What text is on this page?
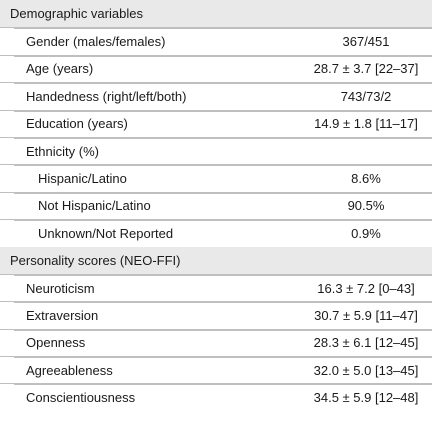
Demographic variables
Gender (males/females)	367/451
Age (years)	28.7 ± 3.7 [22–37]
Handedness (right/left/both)	743/73/2
Education (years)	14.9 ± 1.8 [11–17]
Ethnicity (%)
Hispanic/Latino	8.6%
Not Hispanic/Latino	90.5%
Unknown/Not Reported	0.9%
Personality scores (NEO-FFI)
Neuroticism	16.3 ± 7.2 [0–43]
Extraversion	30.7 ± 5.9 [11–47]
Openness	28.3 ± 6.1 [12–45]
Agreeableness	32.0 ± 5.0 [13–45]
Conscientiousness	34.5 ± 5.9 [12–48]
